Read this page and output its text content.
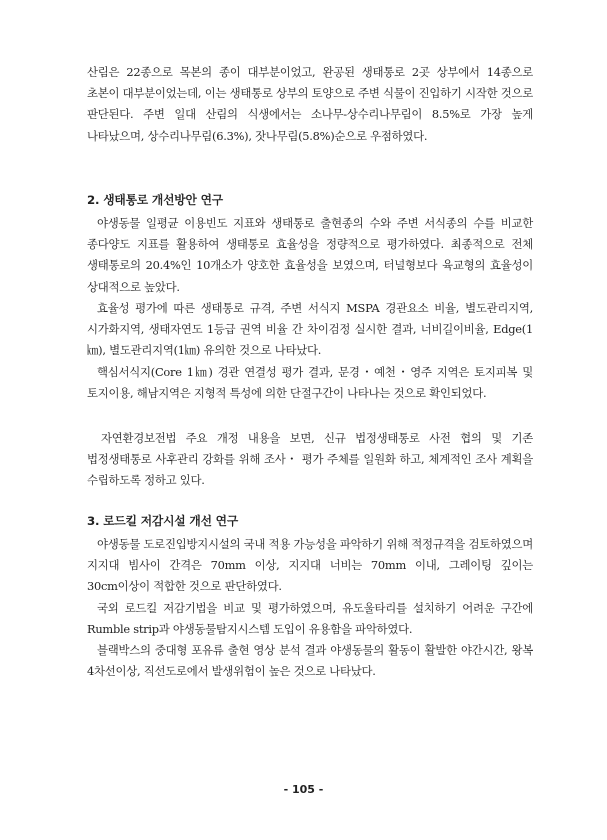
산림은 22종으로 목본의 종이 대부분이었고, 완공된 생태통로 2곳 상부에서 14종으로 초본이 대부분이었는데, 이는 생태통로 상부의 토양으로 주변 식물이 진입하기 시작한 것으로 판단된다. 주변 일대 산림의 식생에서는 소나무-상수리나무림이 8.5%로 가장 높게 나타났으며, 상수리나무림(6.3%), 잣나무림(5.8%)순으로 우점하였다.
2. 생태통로 개선방안 연구
야생동물 일평균 이용빈도 지표와 생태통로 출현종의 수와 주변 서식종의 수를 비교한 종다양도 지표를 활용하여 생태통로 효율성을 정량적으로 평가하였다. 최종적으로 전체 생태통로의 20.4%인 10개소가 양호한 효율성을 보였으며, 터널형보다 육교형의 효율성이 상대적으로 높았다.
효율성 평가에 따른 생태통로 규격, 주변 서식지 MSPA 경관요소 비율, 별도관리지역, 시가화지역, 생태자연도 1등급 권역 비율 간 차이검정 실시한 결과, 너비길이비율, Edge(1㎞), 별도관리지역(1㎞) 유의한 것으로 나타났다.
핵심서식지(Core 1㎞) 경관 연결성 평가 결과, 문경・예천・영주 지역은 토지피복 및 토지이용, 해남지역은 지형적 특성에 의한 단절구간이 나타나는 것으로 확인되었다.
자연환경보전법 주요 개정 내용을 보면, 신규 법정생태통로 사전 협의 및 기존 법정생태통로 사후관리 강화를 위해 조사・ 평가 주체를 일원화 하고, 체계적인 조사 계획을 수립하도록 정하고 있다.
3. 로드킬 저감시설 개선 연구
야생동물 도로진입방지시설의 국내 적용 가능성을 파악하기 위해 적정규격을 검토하였으며 지지대 빔사이 간격은 70mm 이상, 지지대 너비는 70mm 이내, 그레이팅 깊이는 30cm이상이 적합한 것으로 판단하였다.
국외 로드킬 저감기법을 비교 및 평가하였으며, 유도울타리를 설치하기 어려운 구간에 Rumble strip과 야생동물탐지시스템 도입이 유용함을 파악하였다.
블랙박스의 중대형 포유류 출현 영상 분석 결과 야생동물의 활동이 활발한 야간시간, 왕복 4차선이상, 직선도로에서 발생위험이 높은 것으로 나타났다.
- 105 -
